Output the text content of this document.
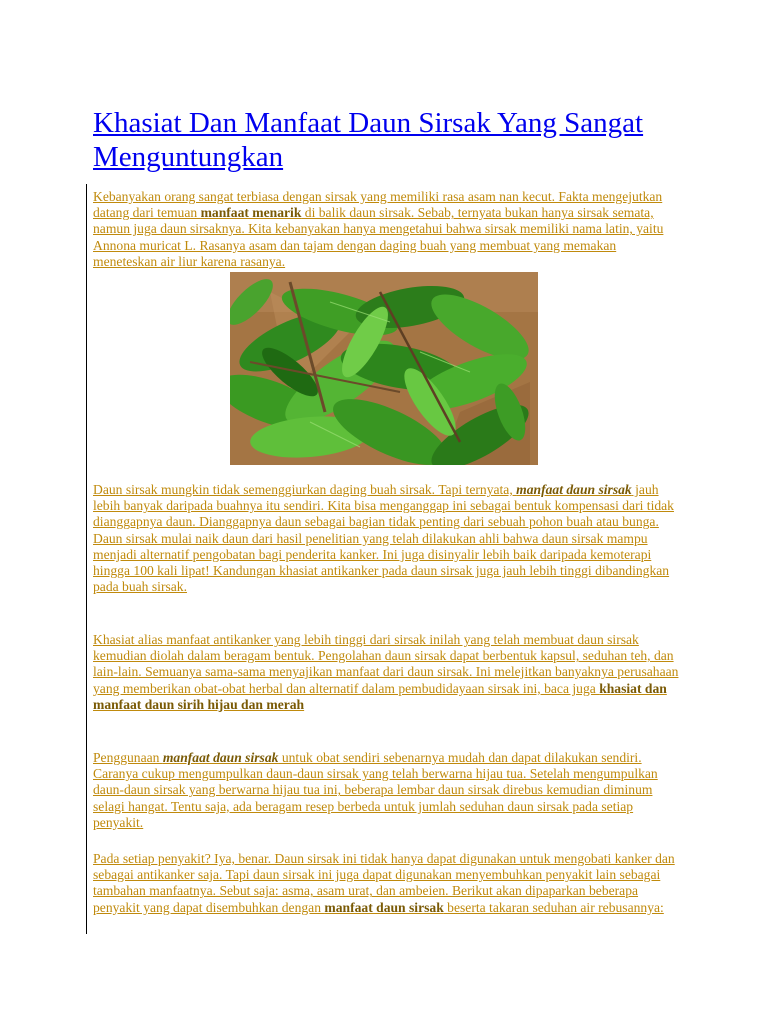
Khasiat Dan Manfaat Daun Sirsak Yang Sangat Menguntungkan

Kebanyakan orang sangat terbiasa dengan sirsak yang memiliki rasa asam nan kecut. Fakta mengejutkan datang dari temuan manfaat menarik di balik daun sirsak. Sebab, ternyata bukan hanya sirsak semata, namun juga daun sirsaknya. Kita kebanyakan hanya mengetahui bahwa sirsak memiliki nama latin, yaitu Annona muricat L. Rasanya asam dan tajam dengan daging buah yang membuat yang memakan meneteskan air liur karena rasanya.

Daun sirsak mungkin tidak semenggiurkan daging buah sirsak. Tapi ternyata, manfaat daun sirsak jauh lebih banyak daripada buahnya itu sendiri. Kita bisa menganggap ini sebagai bentuk kompensasi dari tidak dianggapnya daun. Dianggapnya daun sebagai bagian tidak penting dari sebuah pohon buah atau bunga. Daun sirsak mulai naik daun dari hasil penelitian yang telah dilakukan ahli bahwa daun sirsak mampu menjadi alternatif pengobatan bagi penderita kanker. Ini juga disinyalir lebih baik daripada kemoterapi hingga 100 kali lipat! Kandungan khasiat antikanker pada daun sirsak juga jauh lebih tinggi dibandingkan pada buah sirsak.

Khasiat alias manfaat antikanker yang lebih tinggi dari sirsak inilah yang telah membuat daun sirsak kemudian diolah dalam beragam bentuk. Pengolahan daun sirsak dapat berbentuk kapsul, seduhan teh, dan lain-lain. Semuanya sama-sama menyajikan manfaat dari daun sirsak. Ini melejitkan banyaknya perusahaan yang memberikan obat-obat herbal dan alternatif dalam pembudidayaan sirsak ini, baca juga khasiat dan manfaat daun sirih hijau dan merah

Penggunaan manfaat daun sirsak untuk obat sendiri sebenarnya mudah dan dapat dilakukan sendiri. Caranya cukup mengumpulkan daun-daun sirsak yang telah berwarna hijau tua. Setelah mengumpulkan daun-daun sirsak yang berwarna hijau tua ini, beberapa lembar daun sirsak direbus kemudian diminum selagi hangat. Tentu saja, ada beragam resep berbeda untuk jumlah seduhan daun sirsak pada setiap penyakit.

Pada setiap penyakit? Iya, benar. Daun sirsak ini tidak hanya dapat digunakan untuk mengobati kanker dan sebagai antikanker saja. Tapi daun sirsak ini juga dapat digunakan menyembuhkan penyakit lain sebagai tambahan manfaatnya. Sebut saja: asma, asam urat, dan ambeien. Berikut akan dipaparkan beberapa penyakit yang dapat disembuhkan dengan manfaat daun sirsak beserta takaran seduhan air rebusannya:
